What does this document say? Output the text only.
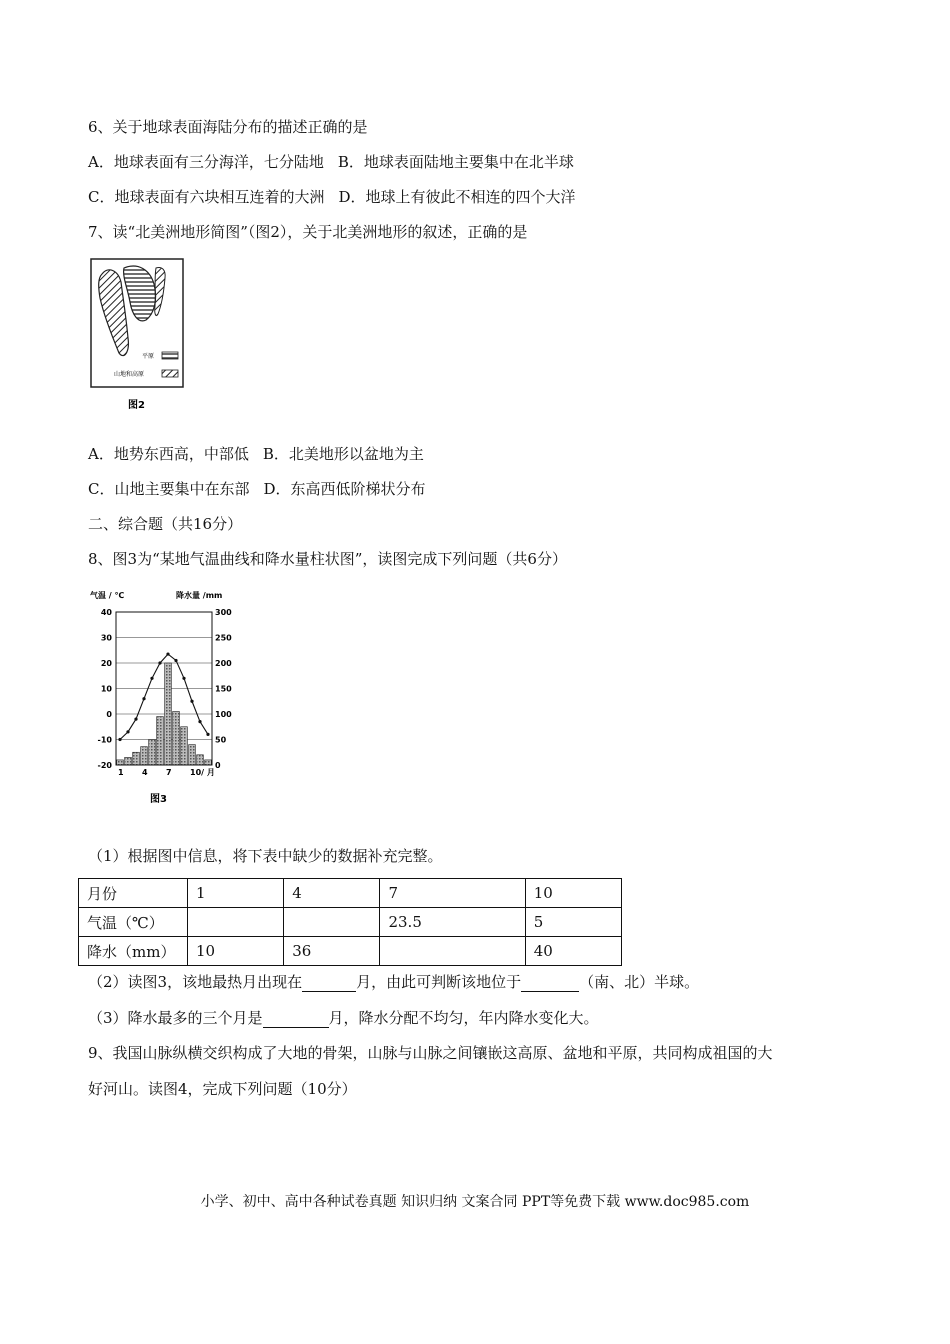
6、关于地球表面海陆分布的描述正确的是
A．地球表面有三分海洋，七分陆地 B．地球表面陆地主要集中在北半球
C．地球表面有六块相互连着的大洲 D．地球上有彼此不相连的四个大洋
7、读“北美洲地形简图”（图2），关于北美洲地形的叙述，正确的是
平原
山地和高原
图2
A．地势东西高，中部低 B．北美地形以盆地为主
C．山地主要集中在东部 D．东高西低阶梯状分布
二、综合题（共16分）
8、图3为“某地气温曲线和降水量柱状图”，读图完成下列问题（共6分）
气温 / ℃	降水量 /mm
40	300
30	250
20	200
10	150
0	100
-10	50
-20	0
1 4 7 10/ 月
图3
（1）根据图中信息，将下表中缺少的数据补充完整。
月份	1	4	7	10
气温（℃）			23.5	5
降水（mm）	10	36		40
（2）读图3，该地最热月出现在	月，由此可判断该地位于	（南、北）半球。
（3）降水最多的三个月是	月，降水分配不均匀，年内降水变化大。
9、我国山脉纵横交织构成了大地的骨架，山脉与山脉之间镶嵌这高原、盆地和平原，共同构成祖国的大
好河山。读图4，完成下列问题（10分）
小学、初中、高中各种试卷真题 知识归纳 文案合同 PPT等免费下载 www.doc985.com
